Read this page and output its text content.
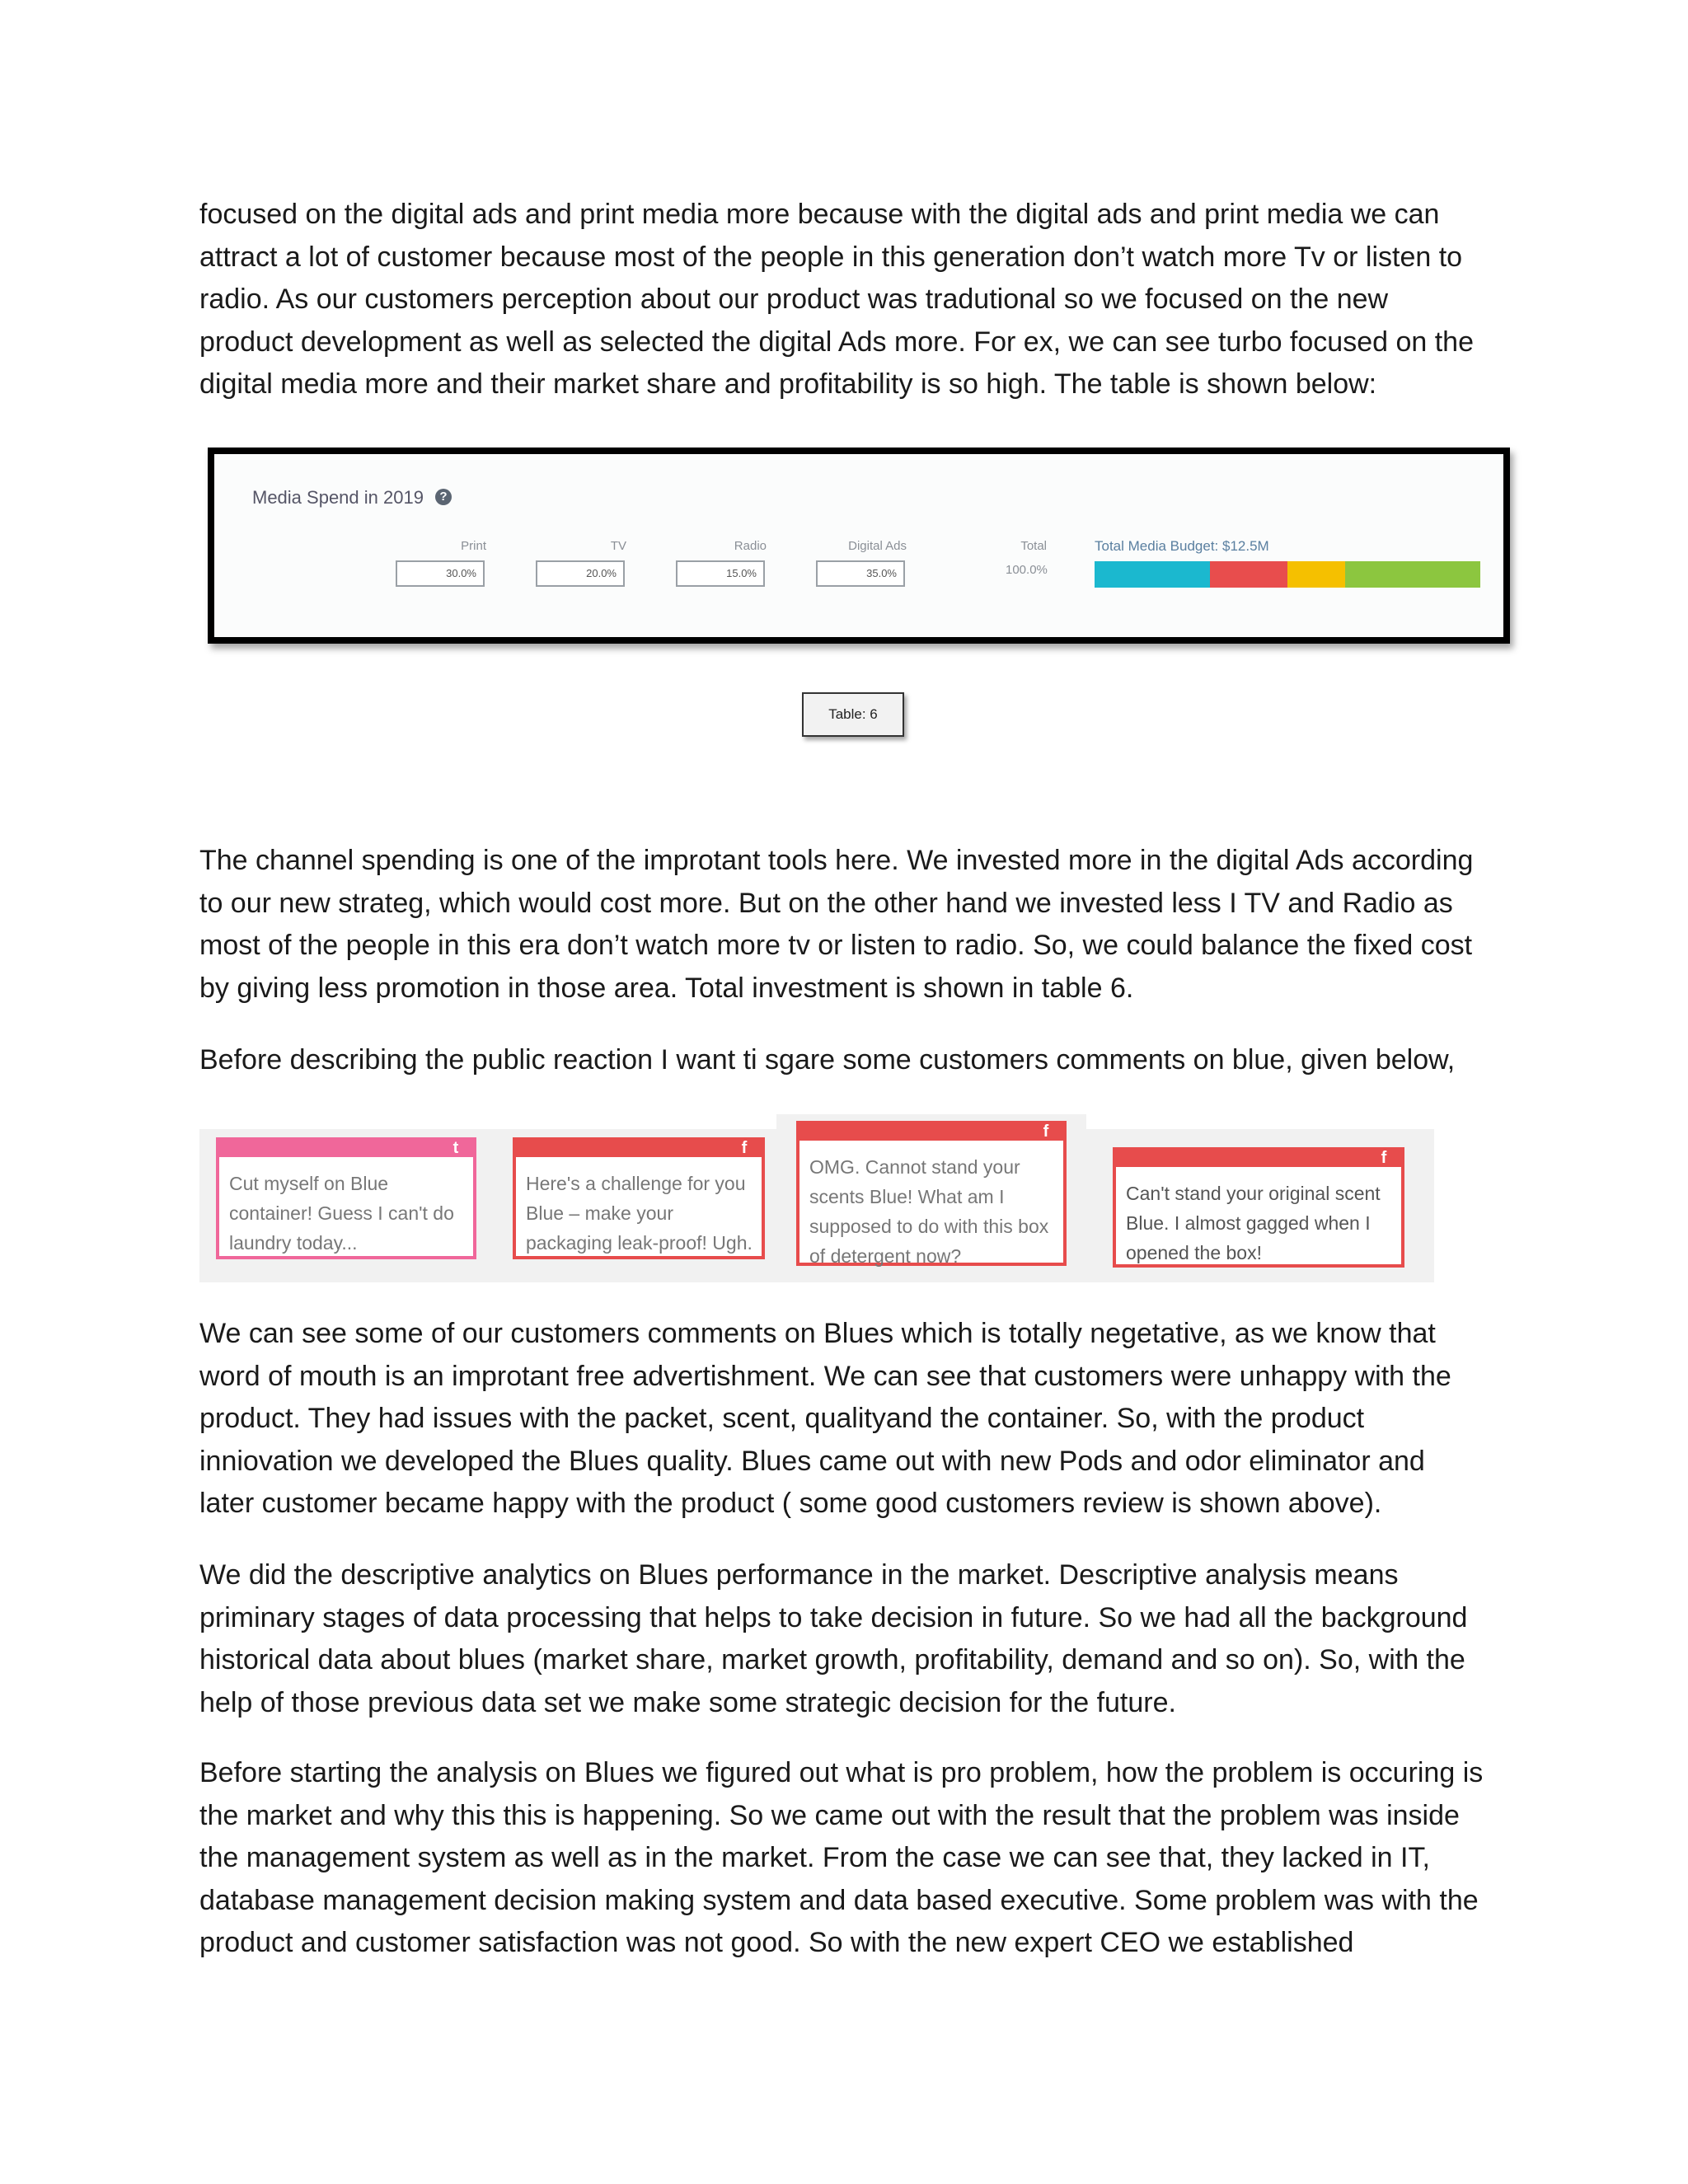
focused on the digital ads and print media more because with the digital ads and print media we can
attract a lot of customer because most of the people in this generation don’t watch more Tv or listen to
radio. As our customers perception about our product was tradutional so we focused on the new
product development as well as selected the digital Ads more. For ex, we can see turbo focused on the
digital media more and their market share and profitability is so high. The table is shown below:
Media Spend in 2019	?
Print	TV	Radio	Digital Ads	Total
30.0%	20.0%	15.0%	35.0%	100.0%
Total Media Budget: $12.5M
Table: 6
The channel spending is one of the improtant tools here. We invested more in the digital Ads according
to our new strateg, which would cost more. But on the other hand we invested less I TV and Radio as
most of the people in this era don’t watch more tv or listen to radio. So, we could balance the fixed cost
by giving less promotion in those area. Total investment is shown in table 6.
Before describing the public reaction I want ti sgare some customers comments on blue, given below,
t
Cut myself on Blue container! Guess I can't do laundry today...
f
Here's a challenge for you Blue – make your packaging leak-proof! Ugh.
f
OMG. Cannot stand your scents Blue! What am I supposed to do with this box of detergent now?
f
Can't stand your original scent Blue. I almost gagged when I opened the box!
We can see some of our customers comments on Blues which is totally negetative, as we know that
word of mouth is an improtant free advertishment. We can see that customers were unhappy with the
product. They had issues with the packet, scent, qualityand the container. So, with the product
inniovation we developed the Blues quality. Blues came out with new Pods and odor eliminator and
later customer became happy with the product ( some good customers review is shown above).
We did the descriptive analytics on Blues performance in the market. Descriptive analysis means
priminary stages of data processing that helps to take decision in future. So we had all the background
historical data about blues (market share, market growth, profitability, demand and so on). So, with the
help of those previous data set we make some strategic decision for the future.
Before starting the analysis on Blues we figured out what is pro problem, how the problem is occuring is
the market and why this this is happening. So we came out with the result that the problem was inside
the management system as well as in the market. From the case we can see that, they lacked in IT,
database management decision making system and data based executive. Some problem was with the
product and customer satisfaction was not good. So with the new expert CEO we established
